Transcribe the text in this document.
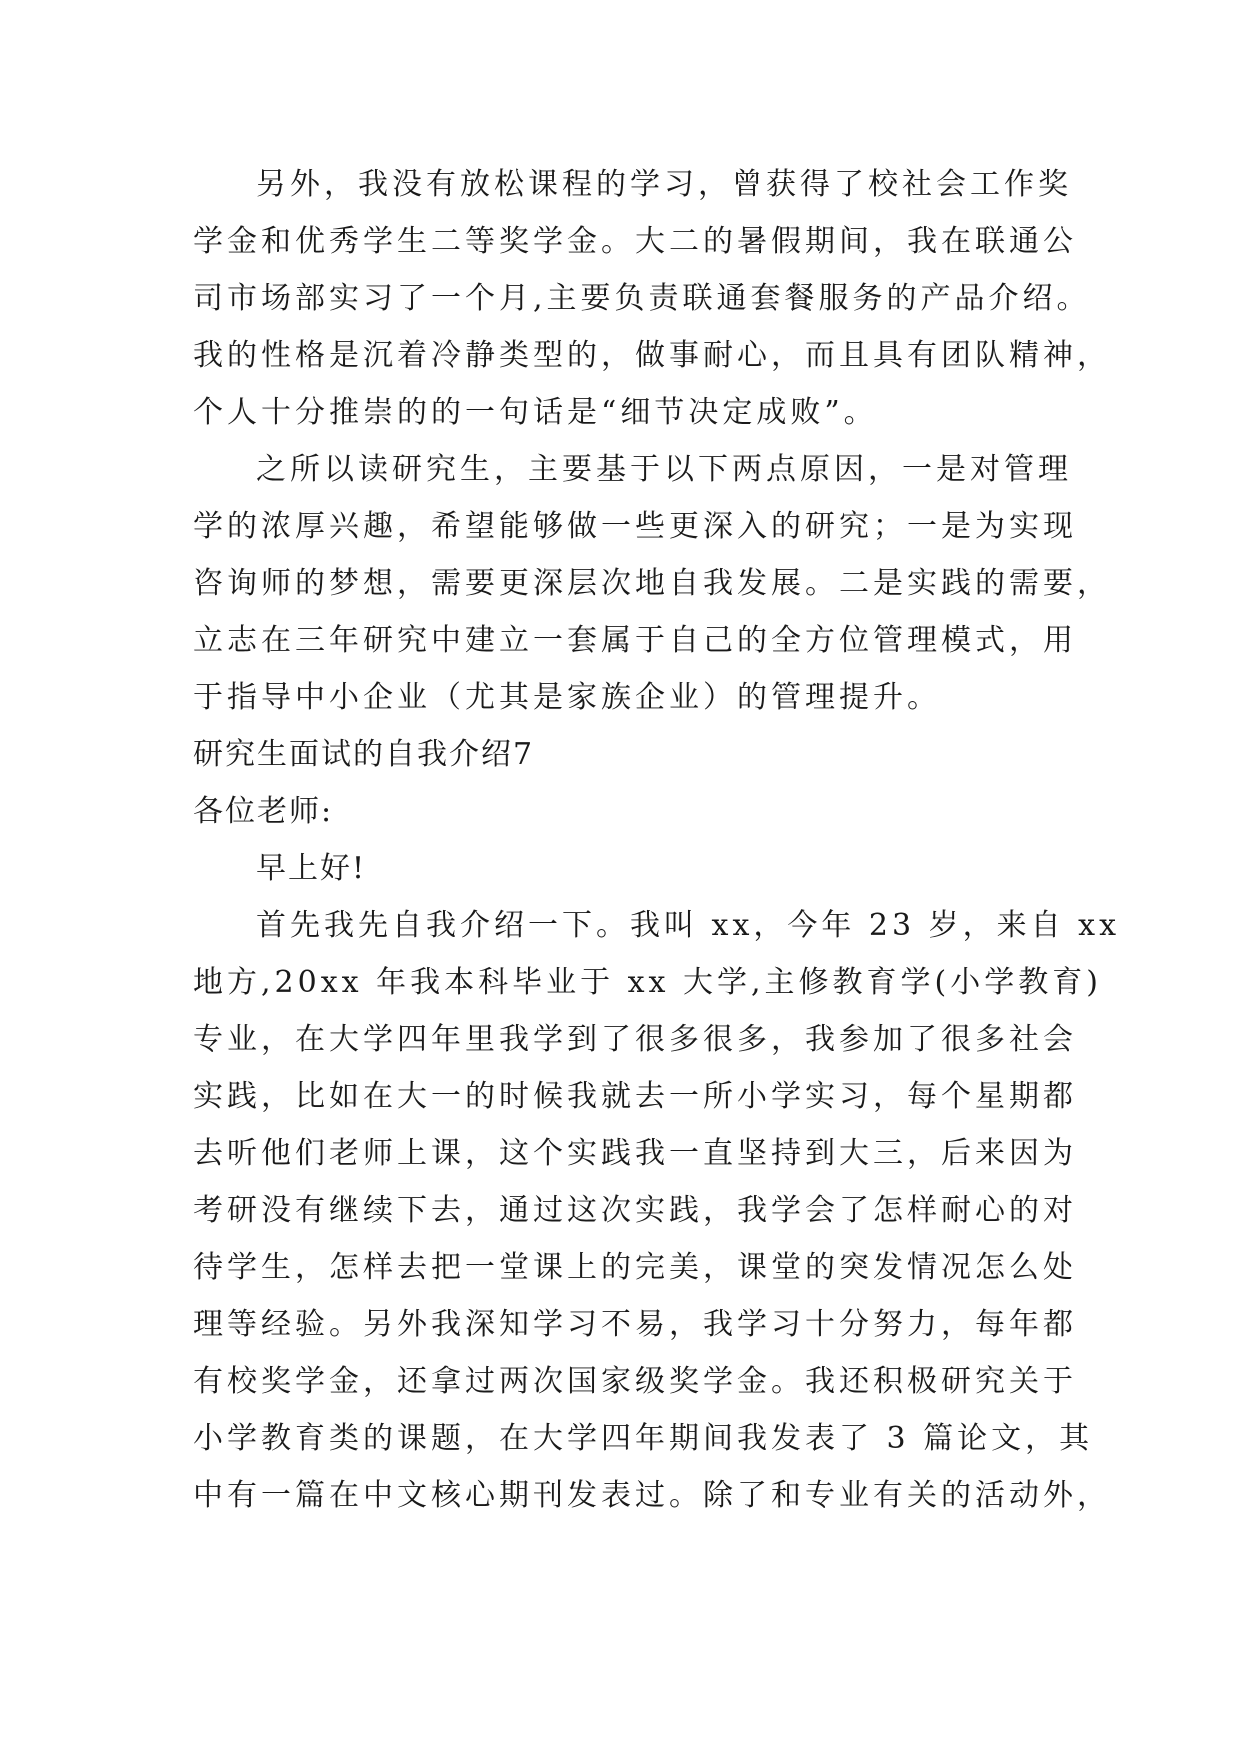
另外，我没有放松课程的学习，曾获得了校社会工作奖
学金和优秀学生二等奖学金。大二的暑假期间，我在联通公
司市场部实习了一个月,主要负责联通套餐服务的产品介绍。
我的性格是沉着冷静类型的，做事耐心，而且具有团队精神，
个人十分推崇的的一句话是“细节决定成败”。
之所以读研究生，主要基于以下两点原因，一是对管理
学的浓厚兴趣，希望能够做一些更深入的研究；一是为实现
咨询师的梦想，需要更深层次地自我发展。二是实践的需要，
立志在三年研究中建立一套属于自己的全方位管理模式，用
于指导中小企业（尤其是家族企业）的管理提升。
研究生面试的自我介绍7
各位老师:
早上好!
首先我先自我介绍一下。我叫 xx，今年 23 岁，来自 xx
地方,20xx 年我本科毕业于 xx 大学,主修教育学(小学教育)
专业，在大学四年里我学到了很多很多，我参加了很多社会
实践，比如在大一的时候我就去一所小学实习，每个星期都
去听他们老师上课，这个实践我一直坚持到大三，后来因为
考研没有继续下去，通过这次实践，我学会了怎样耐心的对
待学生，怎样去把一堂课上的完美，课堂的突发情况怎么处
理等经验。另外我深知学习不易，我学习十分努力，每年都
有校奖学金，还拿过两次国家级奖学金。我还积极研究关于
小学教育类的课题，在大学四年期间我发表了 3 篇论文，其
中有一篇在中文核心期刊发表过。除了和专业有关的活动外，
